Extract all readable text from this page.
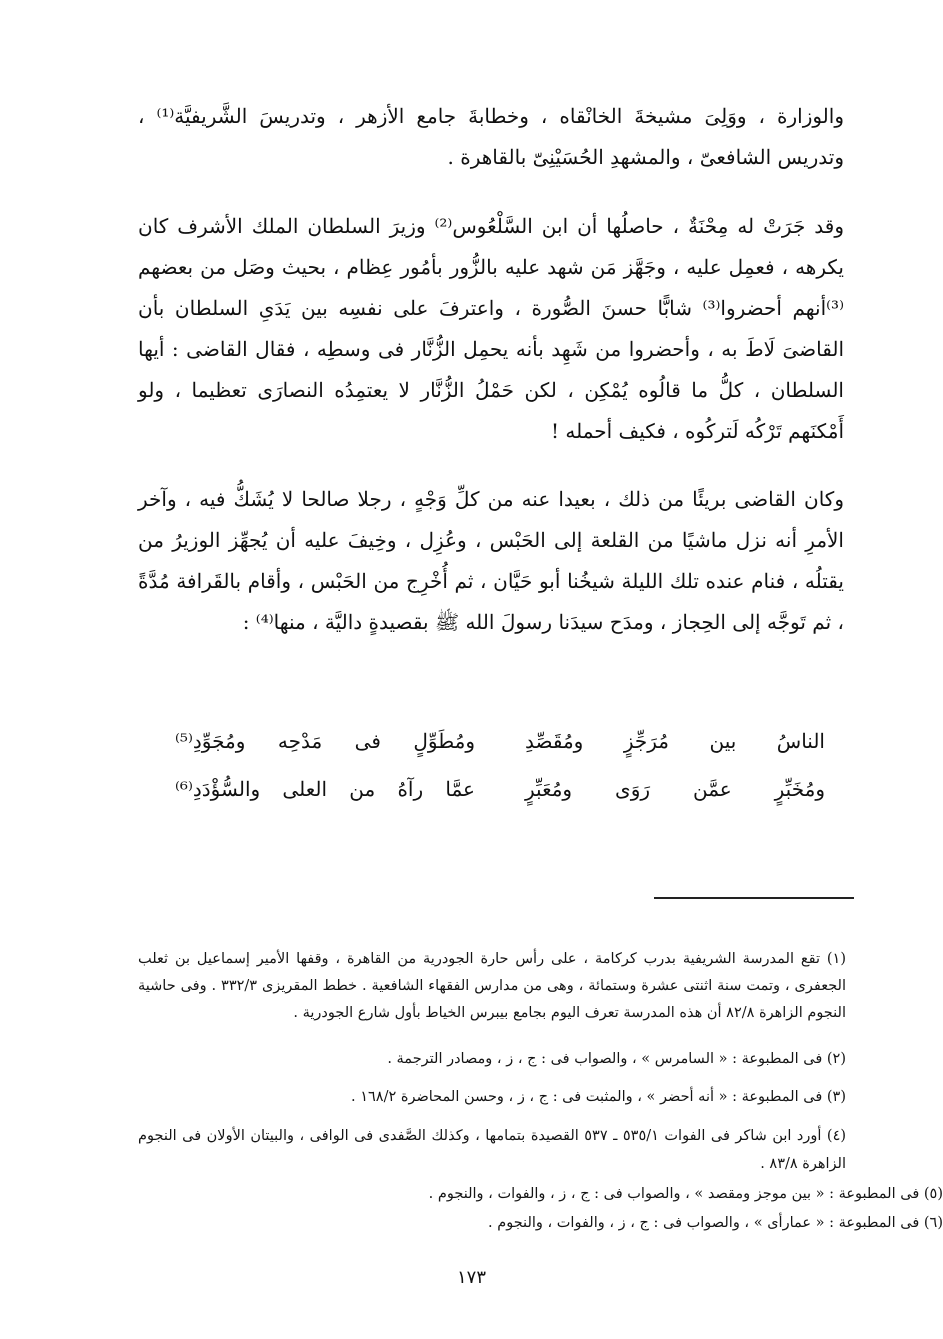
والوزارة ، ووَلِىَ مشيخةَ الخانْقاه ، وخطابةَ جامع الأزهر ، وتدريسَ الشَّريفيَّة⁽¹⁾ ، وتدريس الشافعىّ ، والمشهدِ الحُسَيْنِىّ بالقاهرة .

وقد جَرَتْ له مِحْنَةٌ ، حاصلُها أن ابن السَّلْعُوس⁽²⁾ وزيرَ السلطان الملك الأشرف كان يكرهه ، فعمِل عليه ، وجَهَّز مَن شهد عليه بالزُّور بأمُور عِظام ، بحيث وصَل من بعضهم ⁽³⁾أنهم أحضروا⁽³⁾ شابًّا حسنَ الصُّورة ، واعترفَ على نفسِه بين يَدَىِ السلطان بأن القاضىَ لَاطَ به ، وأحضروا من شَهِد بأنه يحمِل الزُّنَّار فى وسطِه ، فقال القاضى : أيها السلطان ، كلُّ ما قالُوه يُمْكِن ، لكن حَمْلُ الزُّنَّار لا يعتمِدُه النصارَى تعظيما ، ولو أَمْكنَهم تَرْكُه لَتركُوه ، فكيف أحمله !

وكان القاضى بريئًا من ذلك ، بعيدا عنه من كلِّ وَجْهٍ ، رجلا صالحا لا يُشَكُّ فيه ، وآخر الأمرِ أنه نزل ماشيًا من القلعة إلى الحَبْس ، وعُزِل ، وخِيفَ عليه أن يُجهِّز الوزيرُ من يقتلُه ، فنام عنده تلك الليلة شيخُنا أبو حَيَّان ، ثم أُخْرِج من الحَبْس ، وأقام بالقَرافة مُدَّةً ، ثم تَوجَّه إلى الحِجاز ، ومدَح سيدَنا رسولَ الله ﷺ بقصيدةٍ داليَّة ، منها⁽⁴⁾ :

الناسُ بين مُرَجِّزٍ ومُقَصِّدِ
ومُطَوِّلٍ فى مَدْحِه ومُجَوِّدِ⁽⁵⁾
ومُخَبِّرٍ عمَّن رَوَى ومُعَبِّرٍ
عمَّا رآهُ من العلى والسُّؤْدَدِ⁽⁶⁾

(١) تقع المدرسة الشريفية بدرب كركامة ، على رأس حارة الجودرية من القاهرة ، وقفها الأمير إسماعيل بن ثعلب الجعفرى ، وتمت سنة اثنتى عشرة وستمائة ، وهى من مدارس الفقهاء الشافعية . خطط المقريزى ٣٣٢/٣ . وفى حاشية النجوم الزاهرة ٨٢/٨ أن هذه المدرسة تعرف اليوم بجامع بيبرس الخياط بأول شارع الجودرية .

(٢) فى المطبوعة : « السامرس » ، والصواب فى : ج ، ز ، ومصادر الترجمة .

(٣) فى المطبوعة : « أنه أحضر » ، والمثبت فى : ج ، ز ، وحسن المحاضرة ١٦٨/٢ .

(٤) أورد ابن شاكر فى الفوات ٥٣٥/١ ـ ٥٣٧ القصيدة بتمامها ، وكذلك الصَّفدى فى الوافى ، والبيتان الأولان فى النجوم الزاهرة ٨٣/٨ .

(٥) فى المطبوعة : « بين موجز ومقصد » ، والصواب فى : ج ، ز ، والفوات ، والنجوم .

(٦) فى المطبوعة : « عمارأى » ، والصواب فى : ج ، ز ، والفوات ، والنجوم .

١٧٣
